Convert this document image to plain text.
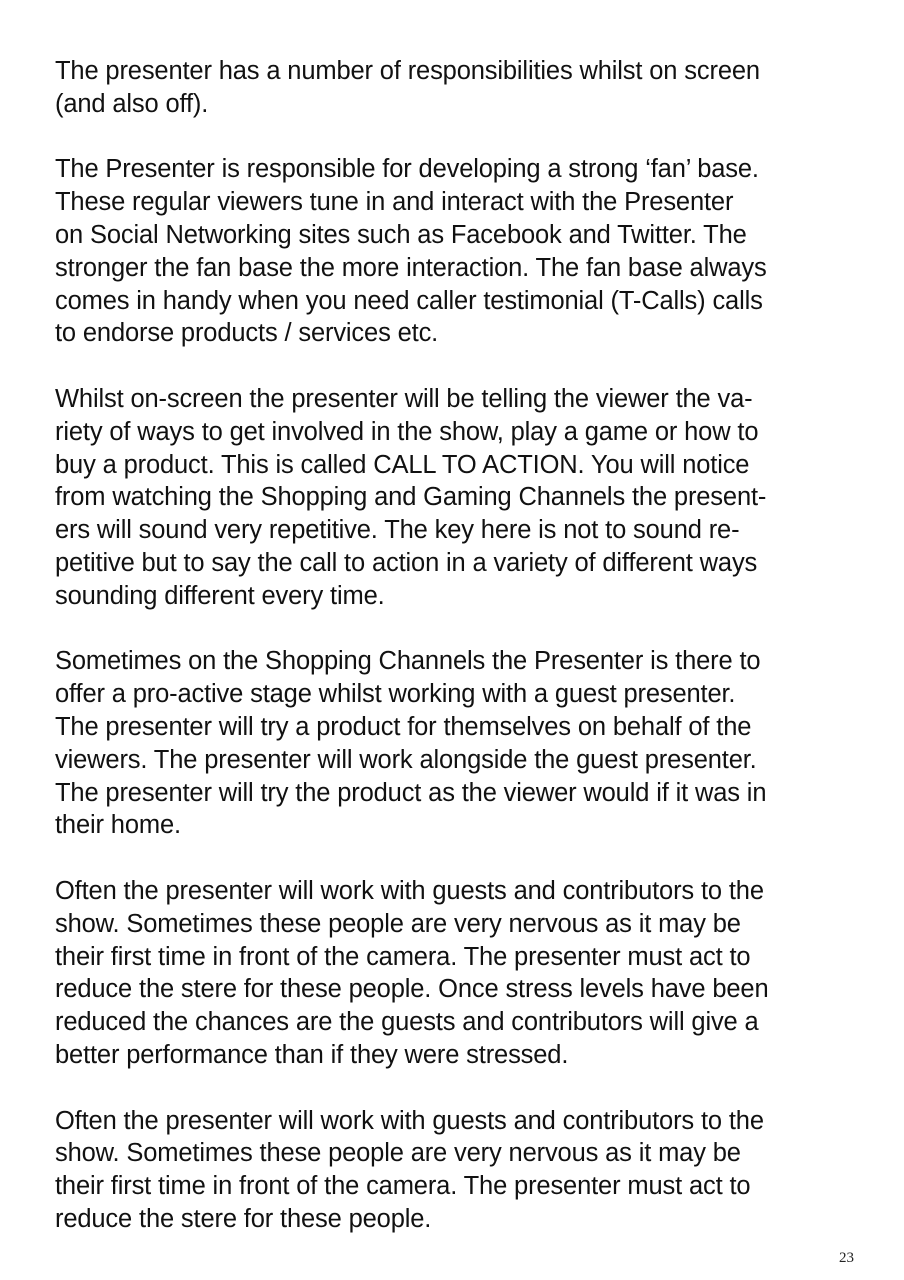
The presenter has a number of responsibilities whilst on screen
(and also off).
The Presenter is responsible for developing a strong ‘fan’ base.
These regular viewers tune in and interact with the Presenter
on Social Networking sites such as Facebook and Twitter. The
stronger the fan base the more interaction. The fan base always
comes in handy when you need caller testimonial (T-Calls) calls
to endorse products / services etc.
Whilst on-screen the presenter will be telling the viewer the va-
riety of ways to get involved in the show, play a game or how to
buy a product. This is called CALL TO ACTION. You will notice
from watching the Shopping and Gaming Channels the present-
ers will sound very repetitive. The key here is not to sound re-
petitive but to say the call to action in a variety of different ways
sounding different every time.
Sometimes on the Shopping Channels the Presenter is there to
offer a pro-active stage whilst working with a guest presenter.
The presenter will try a product for themselves on behalf of the
viewers. The presenter will work alongside the guest presenter.
The presenter will try the product as the viewer would if it was in
their home.
Often the presenter will work with guests and contributors to the
show. Sometimes these people are very nervous as it may be
their first time in front of the camera. The presenter must act to
reduce the stere for these people. Once stress levels have been
reduced the chances are the guests and contributors will give a
better performance than if they were stressed.
Often the presenter will work with guests and contributors to the
show. Sometimes these people are very nervous as it may be
their first time in front of the camera. The presenter must act to
reduce the stere for these people.
23
